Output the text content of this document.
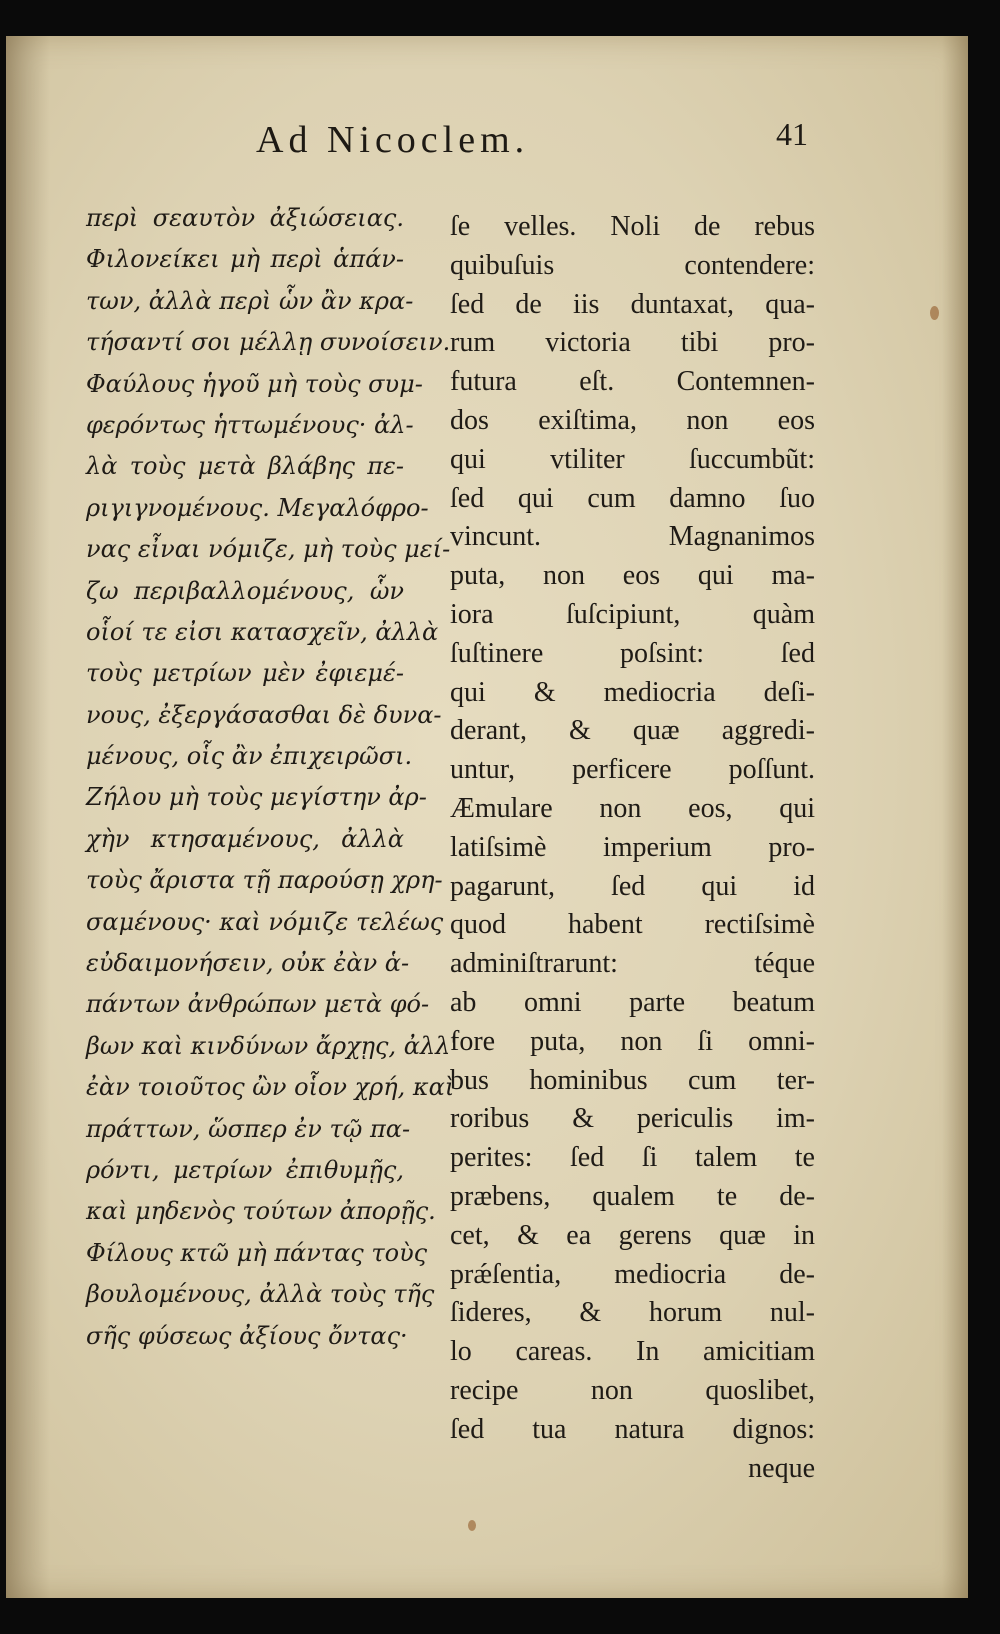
Ad Nicoclem.	41
περὶ σεαυτὸν ἀξιώσειας.
Φιλονείκει μὴ περὶ ἁπάν-
των, ἀλλὰ περὶ ὧν ἂν κρα-
τήσαντί σοι μέλλῃ συνοίσειν.
Φαύλους ἡγοῦ μὴ τοὺς συμ-
φερόντως ἡττωμένους· ἀλ-
λὰ τοὺς μετὰ βλάβης πε-
ριγιγνομένους. Μεγαλόφρο-
νας εἶναι νόμιζε, μὴ τοὺς μεί-
ζω περιβαλλομένους, ὧν
οἷοί τε εἰσι κατασχεῖν, ἀλλὰ
τοὺς μετρίων μὲν ἐφιεμέ-
νους, ἐξεργάσασθαι δὲ δυνα-
μένους, οἷς ἂν ἐπιχειρῶσι.
Ζήλου μὴ τοὺς μεγίστην ἀρ-
χὴν κτησαμένους, ἀλλὰ
τοὺς ἄριστα τῇ παρούσῃ χρη-
σαμένους· καὶ νόμιζε τελέως
εὐδαιμονήσειν, οὐκ ἐὰν ἁ-
πάντων ἀνθρώπων μετὰ φό-
βων καὶ κινδύνων ἄρχῃς, ἀλλ'
ἐὰν τοιοῦτος ὢν οἷον χρή, καὶ
πράττων, ὥσπερ ἐν τῷ πα-
ρόντι, μετρίων ἐπιθυμῇς,
καὶ μηδενὸς τούτων ἀπορῇς.
Φίλους κτῶ μὴ πάντας τοὺς
βουλομένους, ἀλλὰ τοὺς τῆς
σῆς φύσεως ἀξίους ὄντας·
ſe velles. Noli de rebus
quibuſuis contendere:
ſed de iis duntaxat, qua-
rum victoria tibi pro-
futura eſt. Contemnen-
dos exiſtima, non eos
qui vtiliter ſuccumbũt:
ſed qui cum damno ſuo
vincunt. Magnanimos
puta, non eos qui ma-
iora ſuſcipiunt, quàm
ſuſtinere poſsint: ſed
qui & mediocria deſi-
derant, & quæ aggredi-
untur, perficere poſſunt.
Æmulare non eos, qui
latiſsimè imperium pro-
pagarunt, ſed qui id
quod habent rectiſsimè
adminiſtrarunt: téque
ab omni parte beatum
fore puta, non ſi omni-
bus hominibus cum ter-
roribus & periculis im-
perites: ſed ſi talem te
præbens, qualem te de-
cet, & ea gerens quæ in
prǽſentia, mediocria de-
ſideres, & horum nul-
lo careas. In amicitiam
recipe non quoslibet,
ſed tua natura dignos:
neque
